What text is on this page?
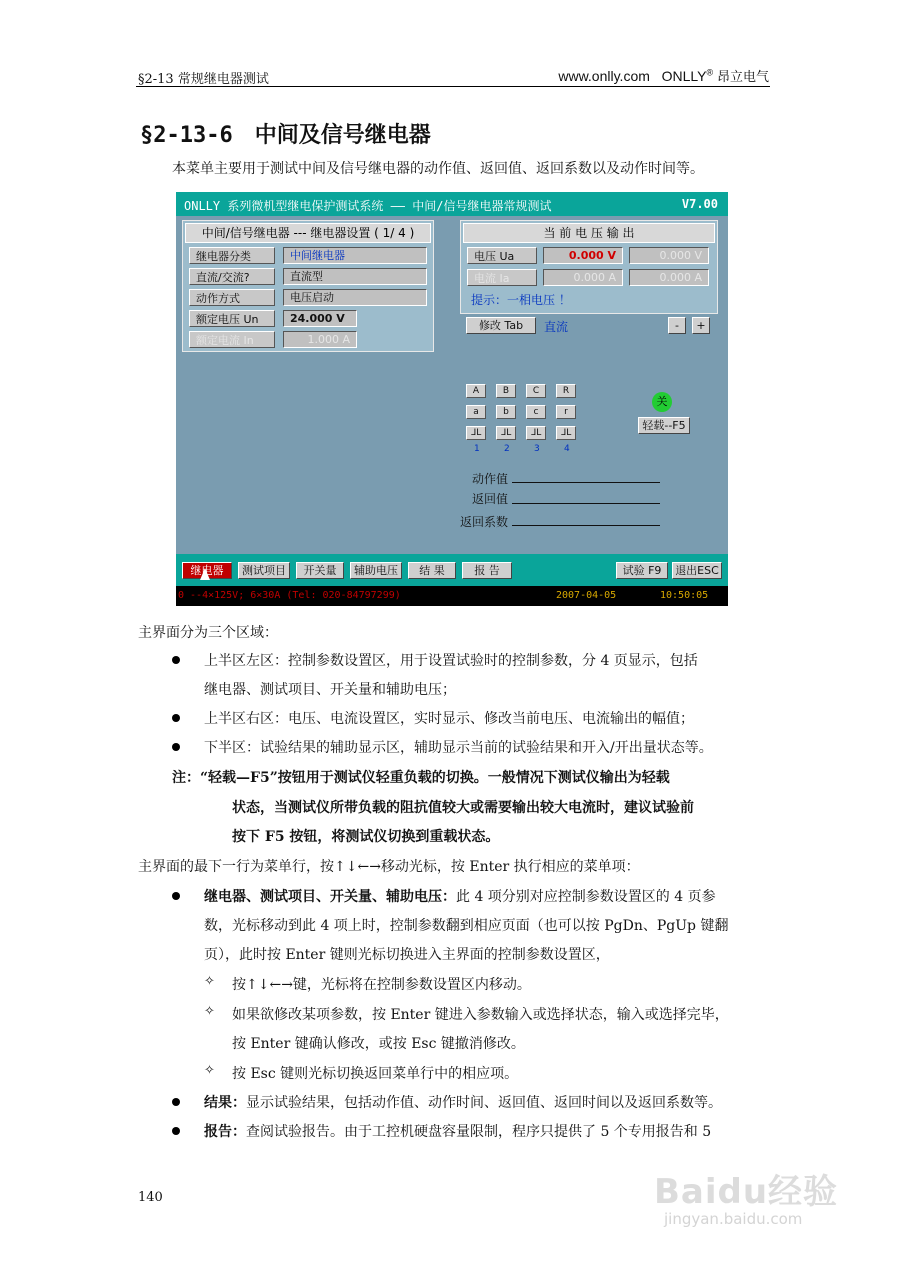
§2-13 常规继电器测试	www.onlly.com ONLLY® 昂立电气
§2-13-6　中间及信号继电器
本菜单主要用于测试中间及信号继电器的动作值、返回值、返回系数以及动作时间等。
ONLLY 系列微机型继电保护测试系统 —— 中间/信号继电器常规测试	V7.00
中间/信号继电器 --- 继电器设置 ( 1/ 4 )
继电器分类	中间继电器
直流/交流?	直流型
动作方式	电压启动
额定电压 Un	24.000 V
额定电流 In	1.000 A
当 前 电 压 输 出
电压 Ua	0.000 V	0.000 V
电流 Ia	0.000 A	0.000 A
提示：一相电压 ！
修改 Tab	直流	-	+
A	B	C	R
a	b	c	r
ᒧᒪ	ᒧᒪ	ᒧᒪ	ᒧᒪ
1	2	3	4
关
轻载--F5
动作值
返回值
返回系数
继电器	测试项目	开关量	辅助电压	结 果	报 告	试验 F9	退出ESC
0 --4×125V; 6×30A (Tel: 020-84797299)	2007-04-05	10:50:05
主界面分为三个区域：
上半区左区：控制参数设置区，用于设置试验时的控制参数，分 4 页显示，包括
继电器、测试项目、开关量和辅助电压；
上半区右区：电压、电流设置区，实时显示、修改当前电压、电流输出的幅值；
下半区：试验结果的辅助显示区，辅助显示当前的试验结果和开入/开出量状态等。
注：“轻载—F5”按钮用于测试仪轻重负载的切换。一般情况下测试仪输出为轻载
状态，当测试仪所带负载的阻抗值较大或需要输出较大电流时，建议试验前
按下 F5 按钮，将测试仪切换到重载状态。
主界面的最下一行为菜单行，按↑↓←→移动光标，按 Enter 执行相应的菜单项：
继电器、测试项目、开关量、辅助电压：此 4 项分别对应控制参数设置区的 4 页参
数，光标移动到此 4 项上时，控制参数翻到相应页面（也可以按 PgDn、PgUp 键翻
页），此时按 Enter 键则光标切换进入主界面的控制参数设置区，
✧ 按↑↓←→键，光标将在控制参数设置区内移动。
✧ 如果欲修改某项参数，按 Enter 键进入参数输入或选择状态，输入或选择完毕，
按 Enter 键确认修改，或按 Esc 键撤消修改。
✧ 按 Esc 键则光标切换返回菜单行中的相应项。
结果：显示试验结果，包括动作值、动作时间、返回值、返回时间以及返回系数等。
报告：查阅试验报告。由于工控机硬盘容量限制，程序只提供了 5 个专用报告和 5
140	Baidu经验
jingyan.baidu.com
